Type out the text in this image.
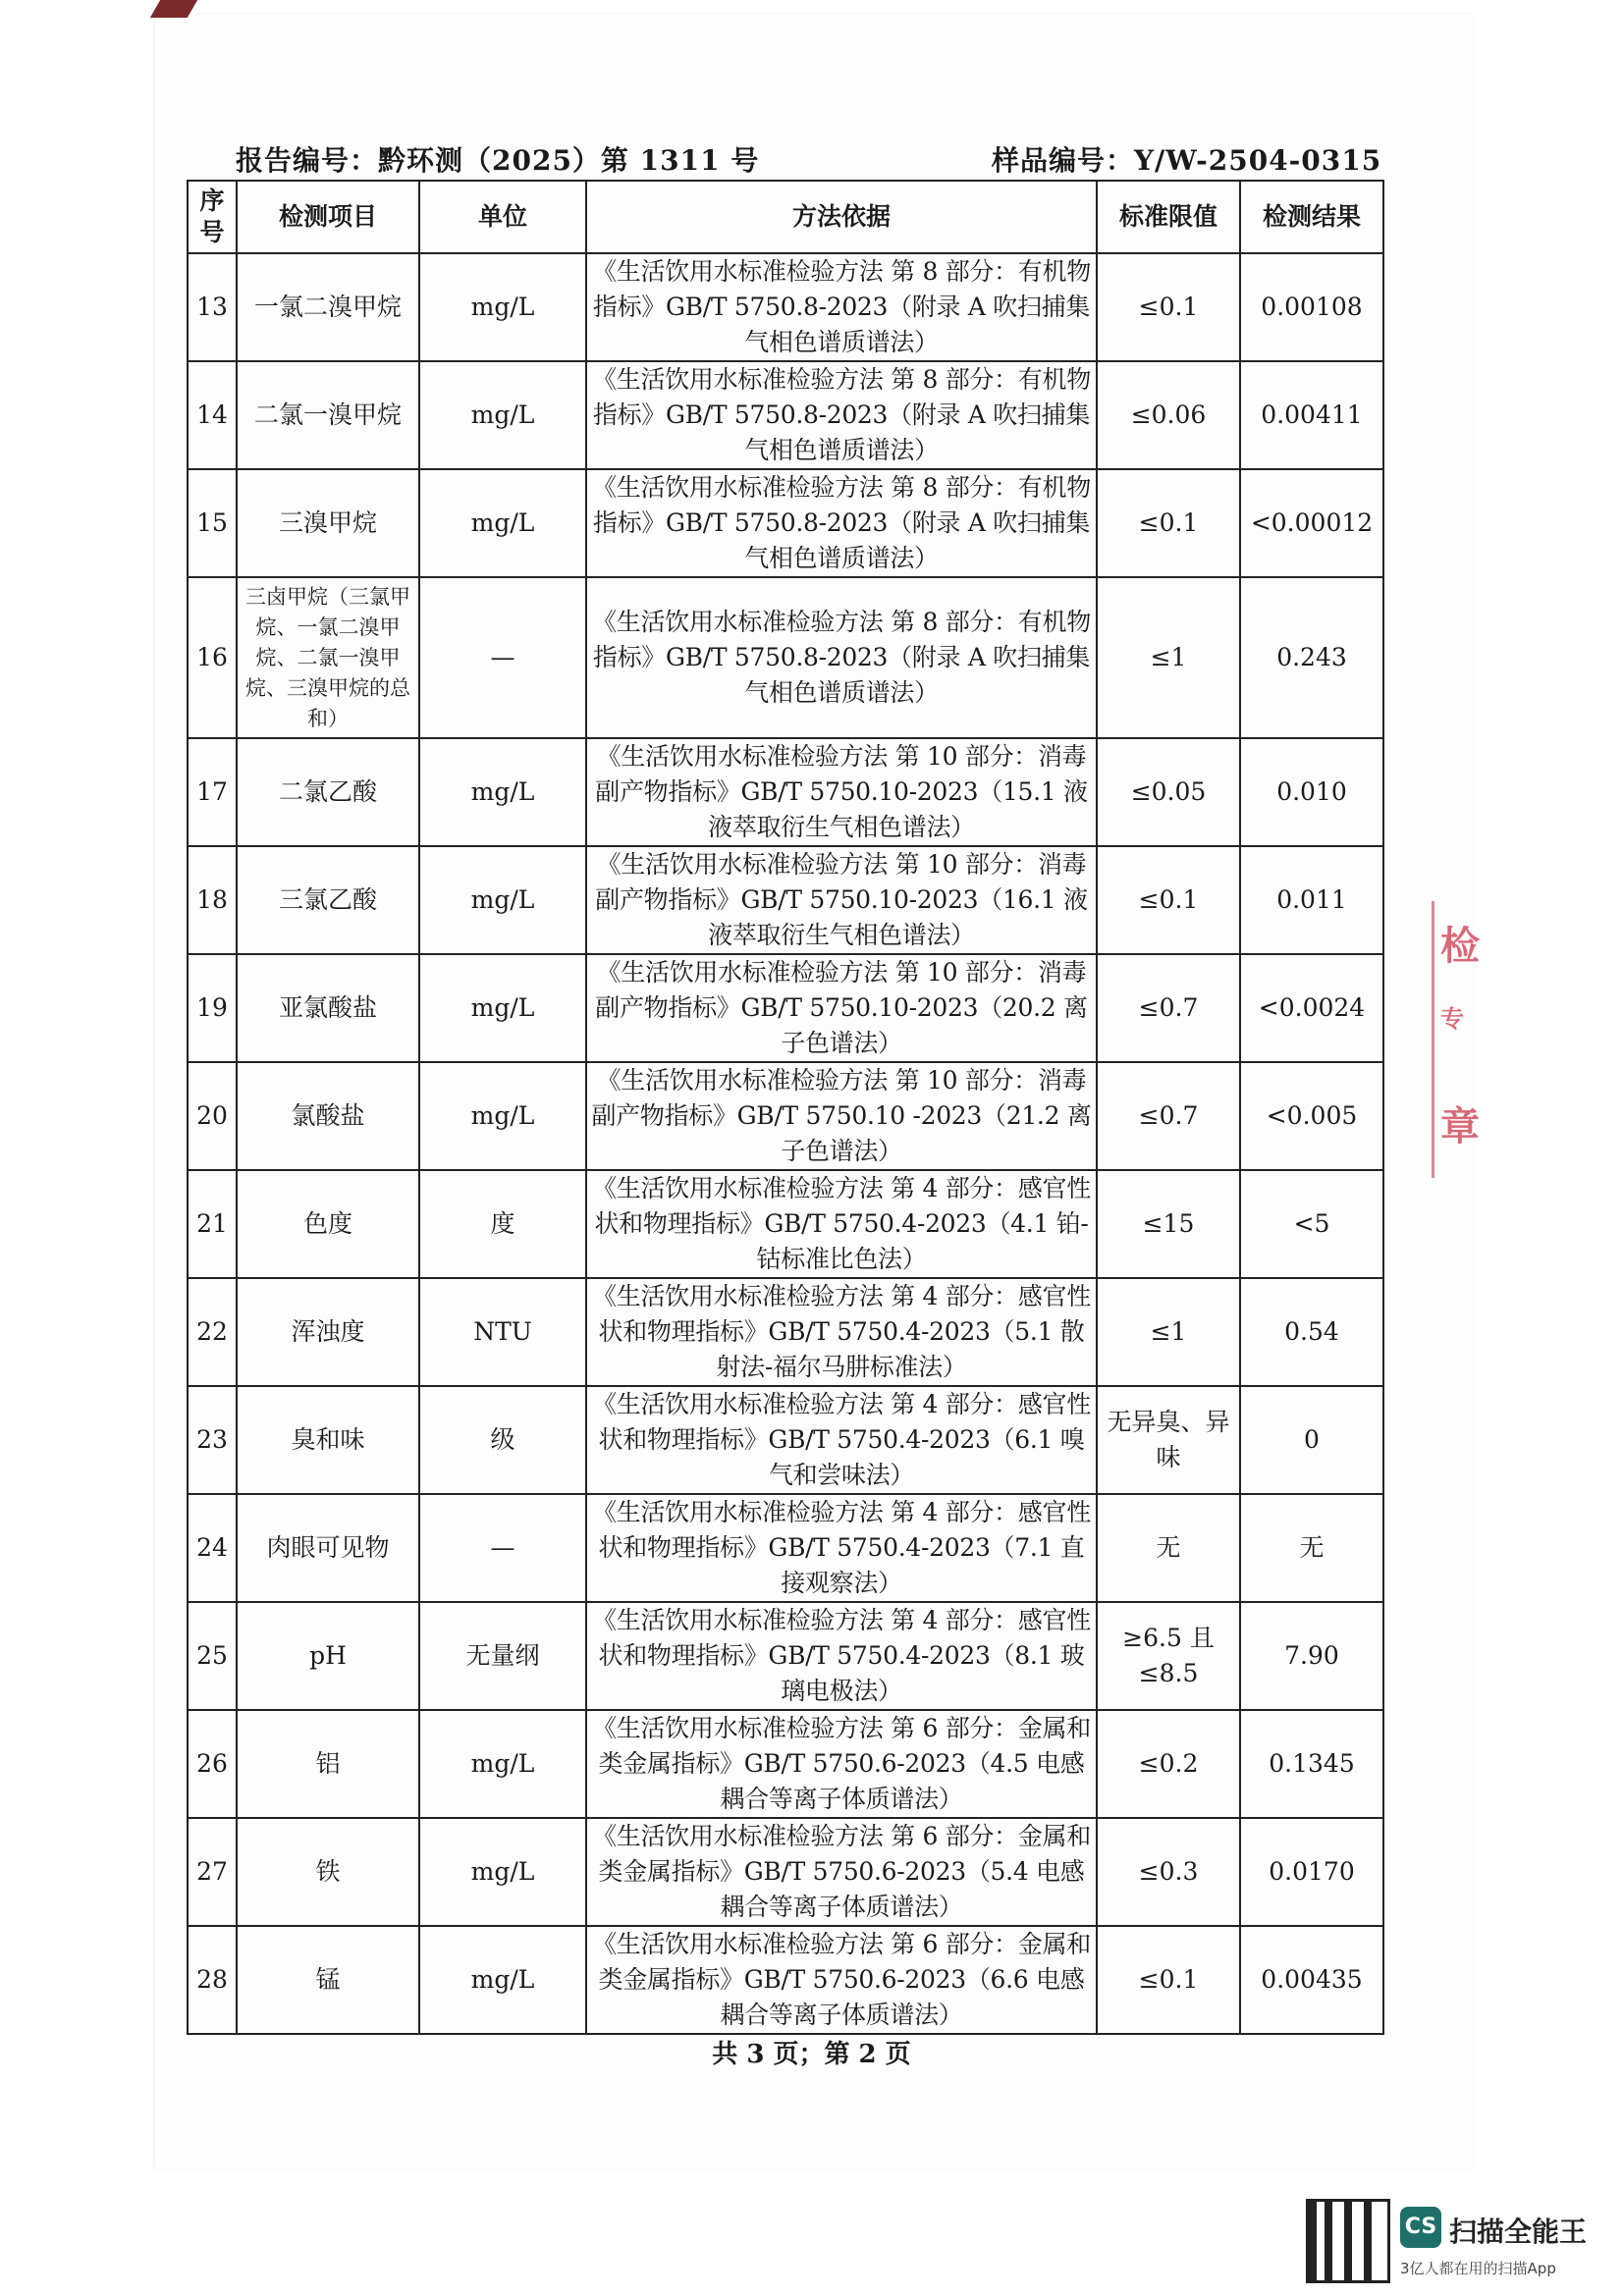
报告编号：黔环测（2025）第 1311 号	样品编号：Y/W-2504-0315
序号	检测项目	单位	方法依据	标准限值	检测结果
13	一氯二溴甲烷	mg/L	《生活饮用水标准检验方法 第 8 部分：有机物指标》GB/T 5750.8-2023（附录 A 吹扫捕集气相色谱质谱法）	≤0.1	0.00108
14	二氯一溴甲烷	mg/L	《生活饮用水标准检验方法 第 8 部分：有机物指标》GB/T 5750.8-2023（附录 A 吹扫捕集气相色谱质谱法）	≤0.06	0.00411
15	三溴甲烷	mg/L	《生活饮用水标准检验方法 第 8 部分：有机物指标》GB/T 5750.8-2023（附录 A 吹扫捕集气相色谱质谱法）	≤0.1	<0.00012
16	三卤甲烷（三氯甲烷、一氯二溴甲烷、二氯一溴甲烷、三溴甲烷的总和）	—	《生活饮用水标准检验方法 第 8 部分：有机物指标》GB/T 5750.8-2023（附录 A 吹扫捕集气相色谱质谱法）	≤1	0.243
17	二氯乙酸	mg/L	《生活饮用水标准检验方法 第 10 部分：消毒副产物指标》GB/T 5750.10-2023（15.1 液液萃取衍生气相色谱法）	≤0.05	0.010
18	三氯乙酸	mg/L	《生活饮用水标准检验方法 第 10 部分：消毒副产物指标》GB/T 5750.10-2023（16.1 液液萃取衍生气相色谱法）	≤0.1	0.011
19	亚氯酸盐	mg/L	《生活饮用水标准检验方法 第 10 部分：消毒副产物指标》GB/T 5750.10-2023（20.2 离子色谱法）	≤0.7	<0.0024
20	氯酸盐	mg/L	《生活饮用水标准检验方法 第 10 部分：消毒副产物指标》GB/T 5750.10 -2023（21.2 离子色谱法）	≤0.7	<0.005
21	色度	度	《生活饮用水标准检验方法 第 4 部分：感官性状和物理指标》GB/T 5750.4-2023（4.1 铂-钴标准比色法）	≤15	<5
22	浑浊度	NTU	《生活饮用水标准检验方法 第 4 部分：感官性状和物理指标》GB/T 5750.4-2023（5.1 散射法-福尔马肼标准法）	≤1	0.54
23	臭和味	级	《生活饮用水标准检验方法 第 4 部分：感官性状和物理指标》GB/T 5750.4-2023（6.1 嗅气和尝味法）	无异臭、异味	0
24	肉眼可见物	—	《生活饮用水标准检验方法 第 4 部分：感官性状和物理指标》GB/T 5750.4-2023（7.1 直接观察法）	无	无
25	pH	无量纲	《生活饮用水标准检验方法 第 4 部分：感官性状和物理指标》GB/T 5750.4-2023（8.1 玻璃电极法）	≥6.5 且≤8.5	7.90
26	铝	mg/L	《生活饮用水标准检验方法 第 6 部分：金属和类金属指标》GB/T 5750.6-2023（4.5 电感耦合等离子体质谱法）	≤0.2	0.1345
27	铁	mg/L	《生活饮用水标准检验方法 第 6 部分：金属和类金属指标》GB/T 5750.6-2023（5.4 电感耦合等离子体质谱法）	≤0.3	0.0170
28	锰	mg/L	《生活饮用水标准检验方法 第 6 部分：金属和类金属指标》GB/T 5750.6-2023（6.6 电感耦合等离子体质谱法）	≤0.1	0.00435
共 3 页；第 2 页
检
专
章
CS 扫描全能王
3亿人都在用的扫描App
